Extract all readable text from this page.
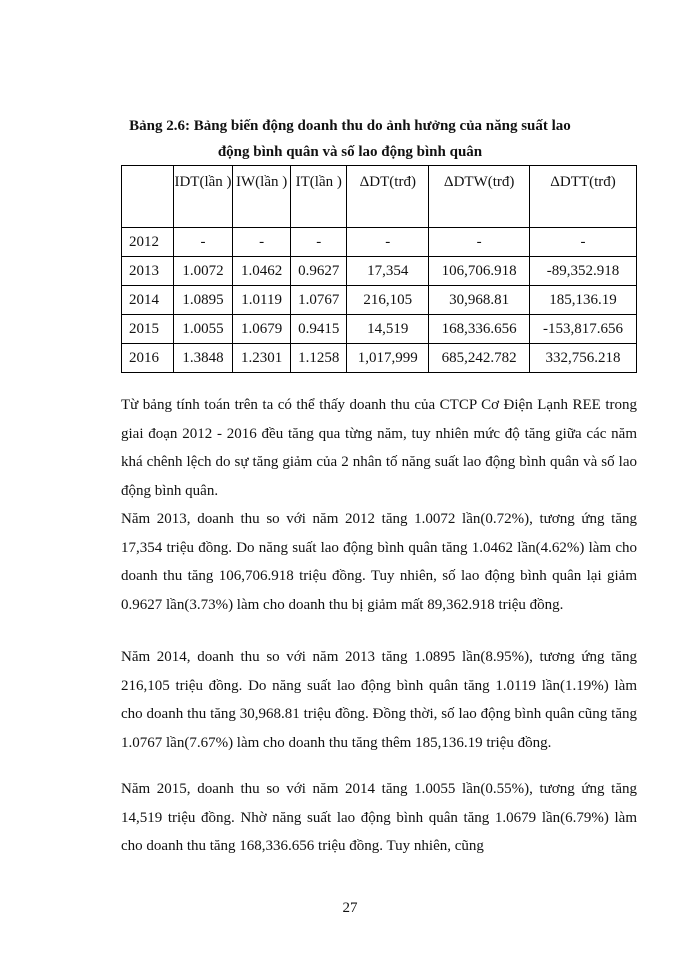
Bảng 2.6: Bảng biến động doanh thu do ảnh hưởng của năng suất lao
động bình quân và số lao động bình quân
	IDT(lần )	IW(lần )	IT(lần )	ΔDT(trđ)	ΔDTW(trđ)	ΔDTT(trđ)
2012	-	-	-	-	-	-
2013	1.0072	1.0462	0.9627	17,354	106,706.918	-89,352.918
2014	1.0895	1.0119	1.0767	216,105	30,968.81	185,136.19
2015	1.0055	1.0679	0.9415	14,519	168,336.656	-153,817.656
2016	1.3848	1.2301	1.1258	1,017,999	685,242.782	332,756.218

Từ bảng tính toán trên ta có thể thấy doanh thu của CTCP Cơ Điện Lạnh REE trong giai đoạn 2012 - 2016 đều tăng qua từng năm, tuy nhiên mức độ tăng giữa các năm khá chênh lệch do sự tăng giảm của 2 nhân tố năng suất lao động bình quân và số lao động bình quân.

Năm 2013, doanh thu so với năm 2012 tăng 1.0072 lần(0.72%), tương ứng tăng 17,354 triệu đồng. Do năng suất lao động bình quân tăng 1.0462 lần(4.62%) làm cho doanh thu tăng 106,706.918 triệu đồng. Tuy nhiên, số lao động bình quân lại giảm 0.9627 lần(3.73%) làm cho doanh thu bị giảm mất 89,362.918 triệu đồng.

Năm 2014, doanh thu so với năm 2013 tăng 1.0895 lần(8.95%), tương ứng tăng 216,105 triệu đồng. Do năng suất lao động bình quân tăng 1.0119 lần(1.19%) làm cho doanh thu tăng 30,968.81 triệu đồng. Đồng thời, số lao động bình quân cũng tăng 1.0767 lần(7.67%) làm cho doanh thu tăng thêm 185,136.19 triệu đồng.

Năm 2015, doanh thu so với năm 2014 tăng 1.0055 lần(0.55%), tương ứng tăng 14,519 triệu đồng. Nhờ năng suất lao động bình quân tăng 1.0679 lần(6.79%) làm cho doanh thu tăng 168,336.656 triệu đồng. Tuy nhiên, cũng

27
